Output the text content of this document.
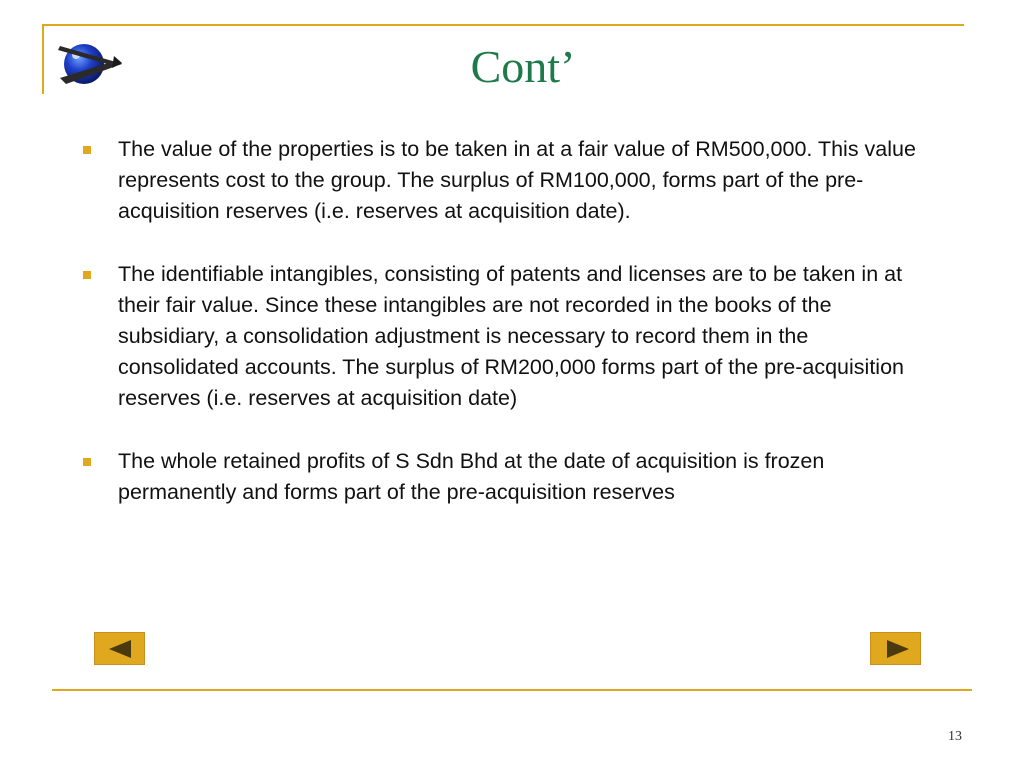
Cont’
The value of the properties is to be taken in at a fair value of RM500,000. This value represents cost to the group. The surplus of RM100,000, forms part of the pre-acquisition reserves (i.e. reserves at acquisition date).
The identifiable intangibles, consisting of patents and licenses are to be taken in at their fair value. Since these intangibles are not recorded in the books of the subsidiary, a consolidation adjustment is necessary to record them in the consolidated accounts. The surplus of RM200,000 forms part of the pre-acquisition reserves (i.e. reserves at acquisition date)
The whole retained profits of S Sdn Bhd at the date of acquisition is frozen permanently and forms part of the pre-acquisition reserves
13
